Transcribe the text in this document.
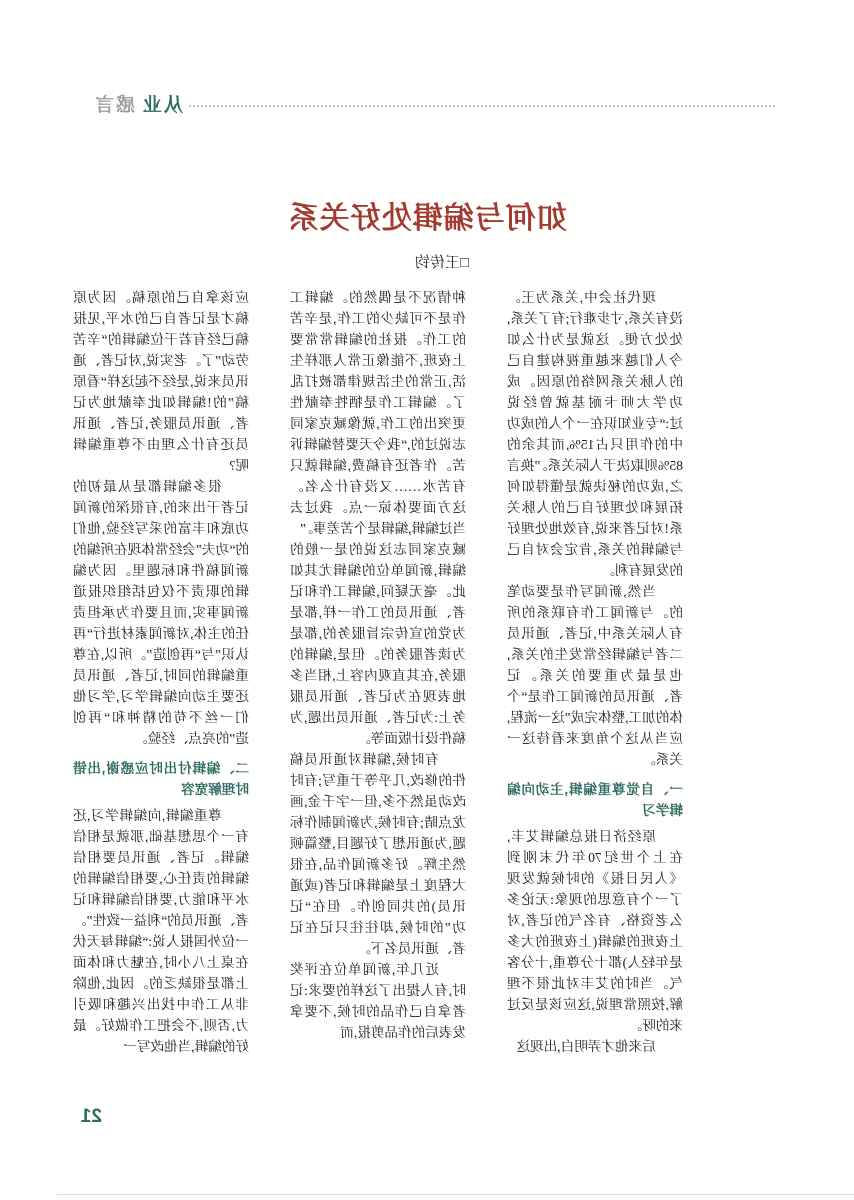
从业
感言
如何与编辑处好关系
□王传钧

现代社会中,关系为王。没有关系,寸步难行;有了关系,处处方便。这就是为什么如今人们越来越重视构建自己的人脉关系网络的原因。成功学大师卡耐基就曾经说过:“专业知识在一个人的成功中的作用只占15%,而其余的85%则取决于人际关系。”换言之,成功的秘诀就是懂得如何拓展和处理好自己的人脉关系!对记者来说,有效地处理好与编辑的关系,肯定会对自己的发展有利。

当然,新闻写作是要动笔的。与新闻工作有联系的所有人际关系中,记者、通讯员二者与编辑经常发生的关系,也是最为重要的关系。记者、通讯员的新闻工作是“个体的加工,整体完成”这一流程,应当从这个角度来看待这一关系。

一、自觉尊重编辑,主动向编辑学习

原经济日报总编辑艾丰,在上个世纪70年代末刚到《人民日报》的时候就发现了一个有意思的现象:无论多么老资格、有名气的记者,对上夜班的编辑(上夜班的大多是年轻人)都十分尊重,十分客气。当时的艾丰对此很不理解,按照常理说,这应该是反过来的呀。

后来他才弄明白,出现这

种情况不是偶然的。编辑工作是不可缺少的工作,是辛苦的工作。报社的编辑常常要上夜班,不能像正常人那样生活,正常的生活规律都被打乱了。编辑工作是牺牲奉献性更突出的工作,就像臧克家同志说过的,“我今天要替编辑诉苦。作者还有稿费,编辑就只有苦水……又没有什么名。这方面要体谅一点。我过去当过编辑,编辑是个苦差事。”

臧克家同志这说的是一般的编辑,新闻单位的编辑尤其如此。毫无疑问,编辑工作和记者、通讯员的工作一样,都是为党的宣传宗旨服务的,都是为读者服务的。但是,编辑的服务,在其直观内容上,相当多地表现在为记者、通讯员服务上:为记者、通讯员出题,为稿件设计版面等。

有时候,编辑对通讯员稿件的修改,几乎等于重写;有时改动虽然不多,但一字千金,画龙点睛;有时候,为新闻制作标题,为通讯想了好题目,整篇顿然生辉。好多新闻作品,在很大程度上是编辑和记者(或通讯员)的共同创作。但在“记功”的时候,却往往只记在记者、通讯员名下。

近几年,新闻单位在评奖时,有人提出了这样的要求:记者拿自己作品的时候,不要拿发表后的作品剪报,而

应该拿自己的原稿。因为原稿才是记者自己的水平,见报稿已经有若干位编辑的“辛苦劳动”了。老实说,对记者、通讯员来说,是经不起这样“看原稿”的!编辑如此奉献地为记者、通讯员服务,记者、通讯员还有什么理由不尊重编辑呢?

很多编辑都是从最初的记者干出来的,有很深的新闻功底和丰富的采写经验,他们的“功夫”会经常体现在所编的新闻稿件和标题里。因为编辑的职责不仅包括组织报道新闻事实,而且要作为承担责任的主体,对新闻素材进行“再认识”与“再创造”。所以,在尊重编辑的同时,记者、通讯员还要主动向编辑学习,学习他们一丝不苟的精神和“再创造”的亮点、经验。

二、编辑付出时应感谢,出错时理解宽容

尊重编辑,向编辑学习,还有一个思想基础,那就是相信编辑。记者、通讯员要相信编辑的责任心,要相信编辑的水平和能力,要相信编辑和记者、通讯员的“利益一致性”。一位外国报人说:“编辑每天伏在桌上八小时,在魅力和体面上都是很缺乏的。因此,他除非从工作中找出兴趣和吸引力,否则,不会把工作做好。最好的编辑,当他改写一

21
